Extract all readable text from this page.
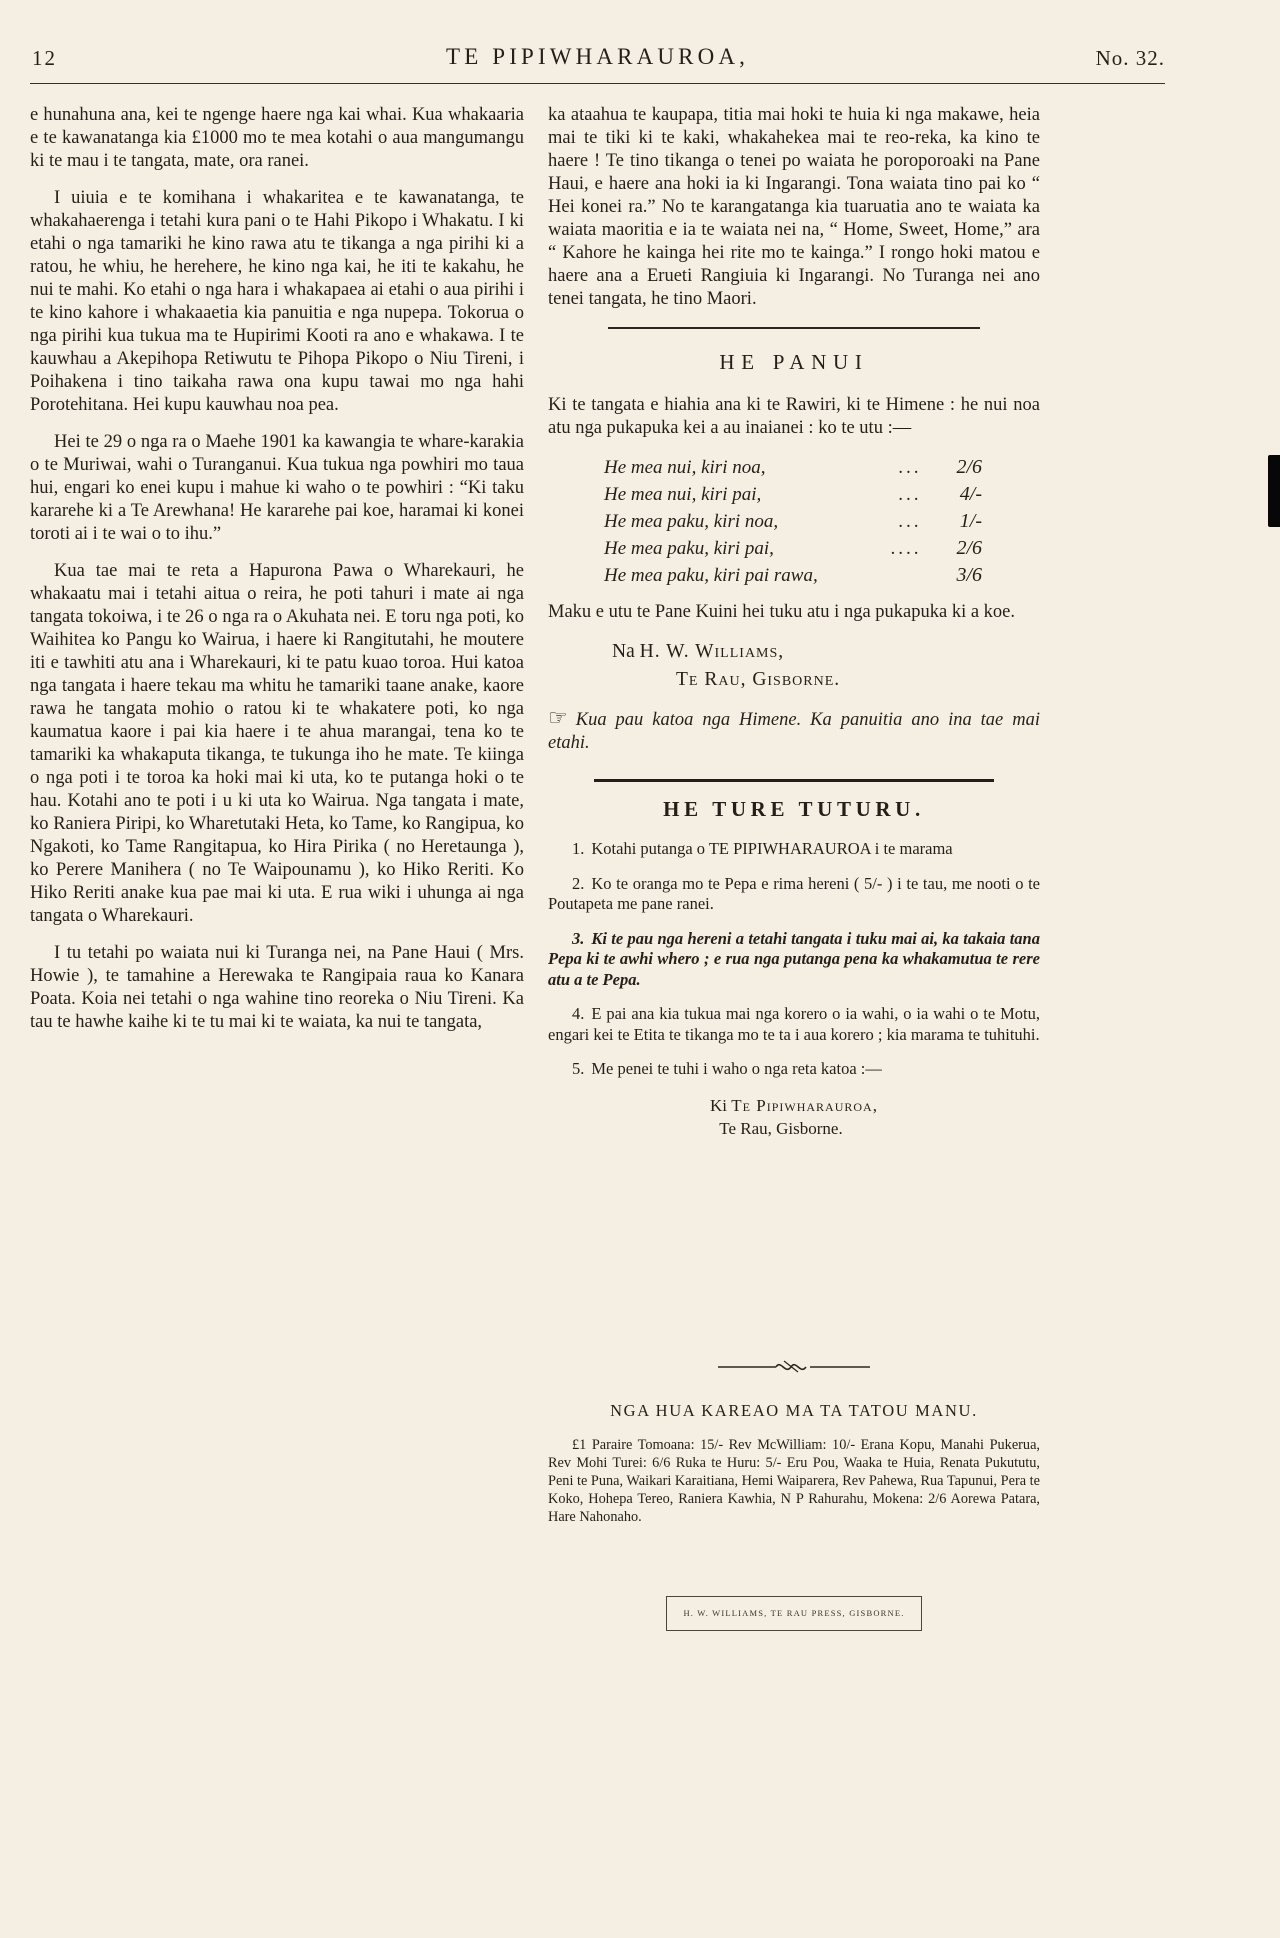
12	TE PIPIWHARAUROA,	No. 32.

e hunahuna ana, kei te ngenge haere nga kai whai. Kua whakaaria e te kawanatanga kia £1000 mo te mea kotahi o aua mangumangu ki te mau i te tangata, mate, ora ranei.

I uiuia e te komihana i whakaritea e te kawanatanga, te whakahaerenga i tetahi kura pani o te Hahi Pikopo i Whakatu. I ki etahi o nga tamariki he kino rawa atu te tikanga a nga pirihi ki a ratou, he whiu, he herehere, he kino nga kai, he iti te kakahu, he nui te mahi. Ko etahi o nga hara i whakapaea ai etahi o aua pirihi i te kino kahore i whakaaetia kia panuitia e nga nupepa. Tokorua o nga pirihi kua tukua ma te Hupirimi Kooti ra ano e whakawa. I te kauwhau a Akepihopa Retiwutu te Pihopa Pikopo o Niu Tireni, i Poihakena i tino taikaha rawa ona kupu tawai mo nga hahi Porotehitana. Hei kupu kauwhau noa pea.

Hei te 29 o nga ra o Maehe 1901 ka kawangia te whare-karakia o te Muriwai, wahi o Turanganui. Kua tukua nga powhiri mo taua hui, engari ko enei kupu i mahue ki waho o te powhiri : “Ki taku kararehe ki a Te Arewhana! He kararehe pai koe, haramai ki konei toroti ai i te wai o to ihu.”

Kua tae mai te reta a Hapurona Pawa o Wharekauri, he whakaatu mai i tetahi aitua o reira, he poti tahuri i mate ai nga tangata tokoiwa, i te 26 o nga ra o Akuhata nei. E toru nga poti, ko Waihitea ko Pangu ko Wairua, i haere ki Rangitutahi, he moutere iti e tawhiti atu ana i Wharekauri, ki te patu kuao toroa. Hui katoa nga tangata i haere tekau ma whitu he tamariki taane anake, kaore rawa he tangata mohio o ratou ki te whakatere poti, ko nga kaumatua kaore i pai kia haere i te ahua marangai, tena ko te tamariki ka whakaputa tikanga, te tukunga iho he mate. Te kiinga o nga poti i te toroa ka hoki mai ki uta, ko te putanga hoki o te hau. Kotahi ano te poti i u ki uta ko Wairua. Nga tangata i mate, ko Raniera Piripi, ko Wharetutaki Heta, ko Tame, ko Rangipua, ko Ngakoti, ko Tame Rangitapua, ko Hira Pirika ( no Heretaunga ), ko Perere Manihera ( no Te Waipounamu ), ko Hiko Reriti. Ko Hiko Reriti anake kua pae mai ki uta. E rua wiki i uhunga ai nga tangata o Wharekauri.

I tu tetahi po waiata nui ki Turanga nei, na Pane Haui ( Mrs. Howie ), te tamahine a Herewaka te Rangipaia raua ko Kanara Poata. Koia nei tetahi o nga wahine tino reoreka o Niu Tireni. Ka tau te hawhe kaihe ki te tu mai ki te waiata, ka nui te tangata,

ka ataahua te kaupapa, titia mai hoki te huia ki nga makawe, heia mai te tiki ki te kaki, whakahekea mai te reo-reka, ka kino te haere ! Te tino tikanga o tenei po waiata he poroporoaki na Pane Haui, e haere ana hoki ia ki Ingarangi. Tona waiata tino pai ko “ Hei konei ra.” No te karangatanga kia tuaruatia ano te waiata ka waiata maoritia e ia te waiata nei na, “ Home, Sweet, Home,” ara “ Kahore he kainga hei rite mo te kainga.” I rongo hoki matou e haere ana a Erueti Rangiuia ki Ingarangi. No Turanga nei ano tenei tangata, he tino Maori.

HE PANUI

Ki te tangata e hiahia ana ki te Rawiri, ki te Himene : he nui noa atu nga pukapuka kei a au inaianei : ko te utu :—

He mea nui, kiri noa,	...	2/6
He mea nui, kiri pai,	...	4/-
He mea paku, kiri noa,	...	1/-
He mea paku, kiri pai,	....	2/6
He mea paku, kiri pai rawa,	3/6

Maku e utu te Pane Kuini hei tuku atu i nga pukapuka ki a koe.

Na H. W. Williams,
Te Rau, Gisborne.

☞ Kua pau katoa nga Himene. Ka panuitia ano ina tae mai etahi.

HE TURE TUTURU.

1. Kotahi putanga o TE PIPIWHARAUROA i te marama

2. Ko te oranga mo te Pepa e rima hereni ( 5/- ) i te tau, me nooti o te Poutapeta me pane ranei.

3. Ki te pau nga hereni a tetahi tangata i tuku mai ai, ka takaia tana Pepa ki te awhi whero ; e rua nga putanga pena ka whakamutua te rere atu a te Pepa.

4. E pai ana kia tukua mai nga korero o ia wahi, o ia wahi o te Motu, engari kei te Etita te tikanga mo te ta i aua korero ; kia marama te tuhituhi.

5. Me penei te tuhi i waho o nga reta katoa :—

Ki Te Pipiwharauroa,
Te Rau, Gisborne.
NGA HUA KAREAO MA TA TATOU MANU.

£1 Paraire Tomoana: 15/- Rev McWilliam: 10/- Erana Kopu, Manahi Pukerua, Rev Mohi Turei: 6/6 Ruka te Huru: 5/- Eru Pou, Waaka te Huia, Renata Pukututu, Peni te Puna, Waikari Karaitiana, Hemi Waiparera, Rev Pahewa, Rua Tapunui, Pera te Koko, Hohepa Tereo, Raniera Kawhia, N P Rahurahu, Mokena: 2/6 Aorewa Patara, Hare Nahonaho.

H. W. WILLIAMS, TE RAU PRESS, GISBORNE.
